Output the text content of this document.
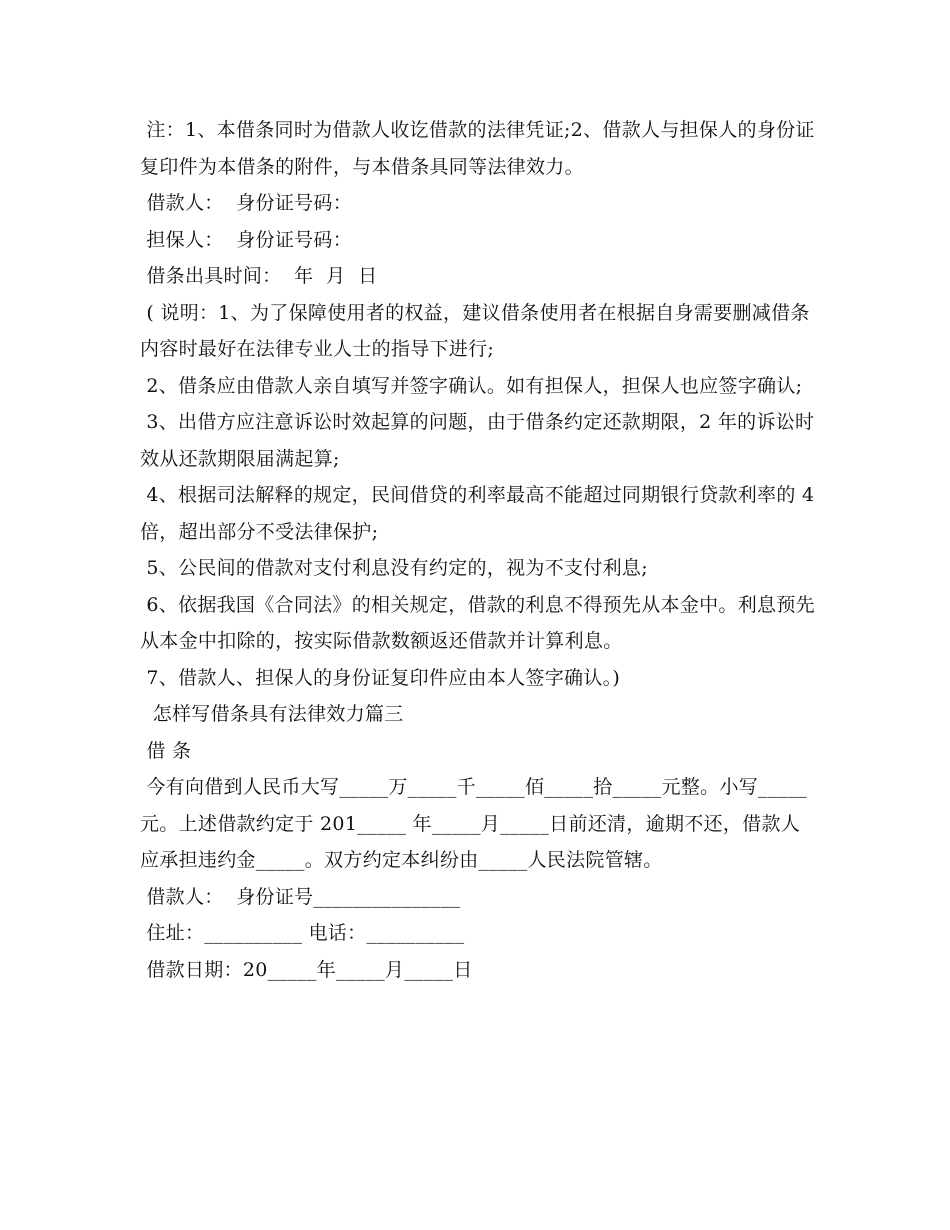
注：1、本借条同时为借款人收讫借款的法律凭证;2、借款人与担保人的身份证复印件为本借条的附件，与本借条具同等法律效力。

借款人：  身份证号码：

担保人：  身份证号码：

借条出具时间：  年  月  日

( 说明：1、为了保障使用者的权益，建议借条使用者在根据自身需要删减借条内容时最好在法律专业人士的指导下进行;

2、借条应由借款人亲自填写并签字确认。如有担保人，担保人也应签字确认;

3、出借方应注意诉讼时效起算的问题，由于借条约定还款期限，2 年的诉讼时效从还款期限届满起算;

4、根据司法解释的规定，民间借贷的利率最高不能超过同期银行贷款利率的 4 倍，超出部分不受法律保护;

5、公民间的借款对支付利息没有约定的，视为不支付利息;

6、依据我国《合同法》的相关规定，借款的利息不得预先从本金中。利息预先从本金中扣除的，按实际借款数额返还借款并计算利息。

7、借款人、担保人的身份证复印件应由本人签字确认。)

怎样写借条具有法律效力篇三

借 条

今有向借到人民币大写_____万_____千_____佰_____拾_____元整。小写_____元。上述借款约定于 201_____ 年_____月_____日前还清，逾期不还，借款人应承担违约金_____。双方约定本纠纷由_____人民法院管辖。

借款人：  身份证号_______________

住址：__________ 电话：__________

借款日期：20_____年_____月_____日
